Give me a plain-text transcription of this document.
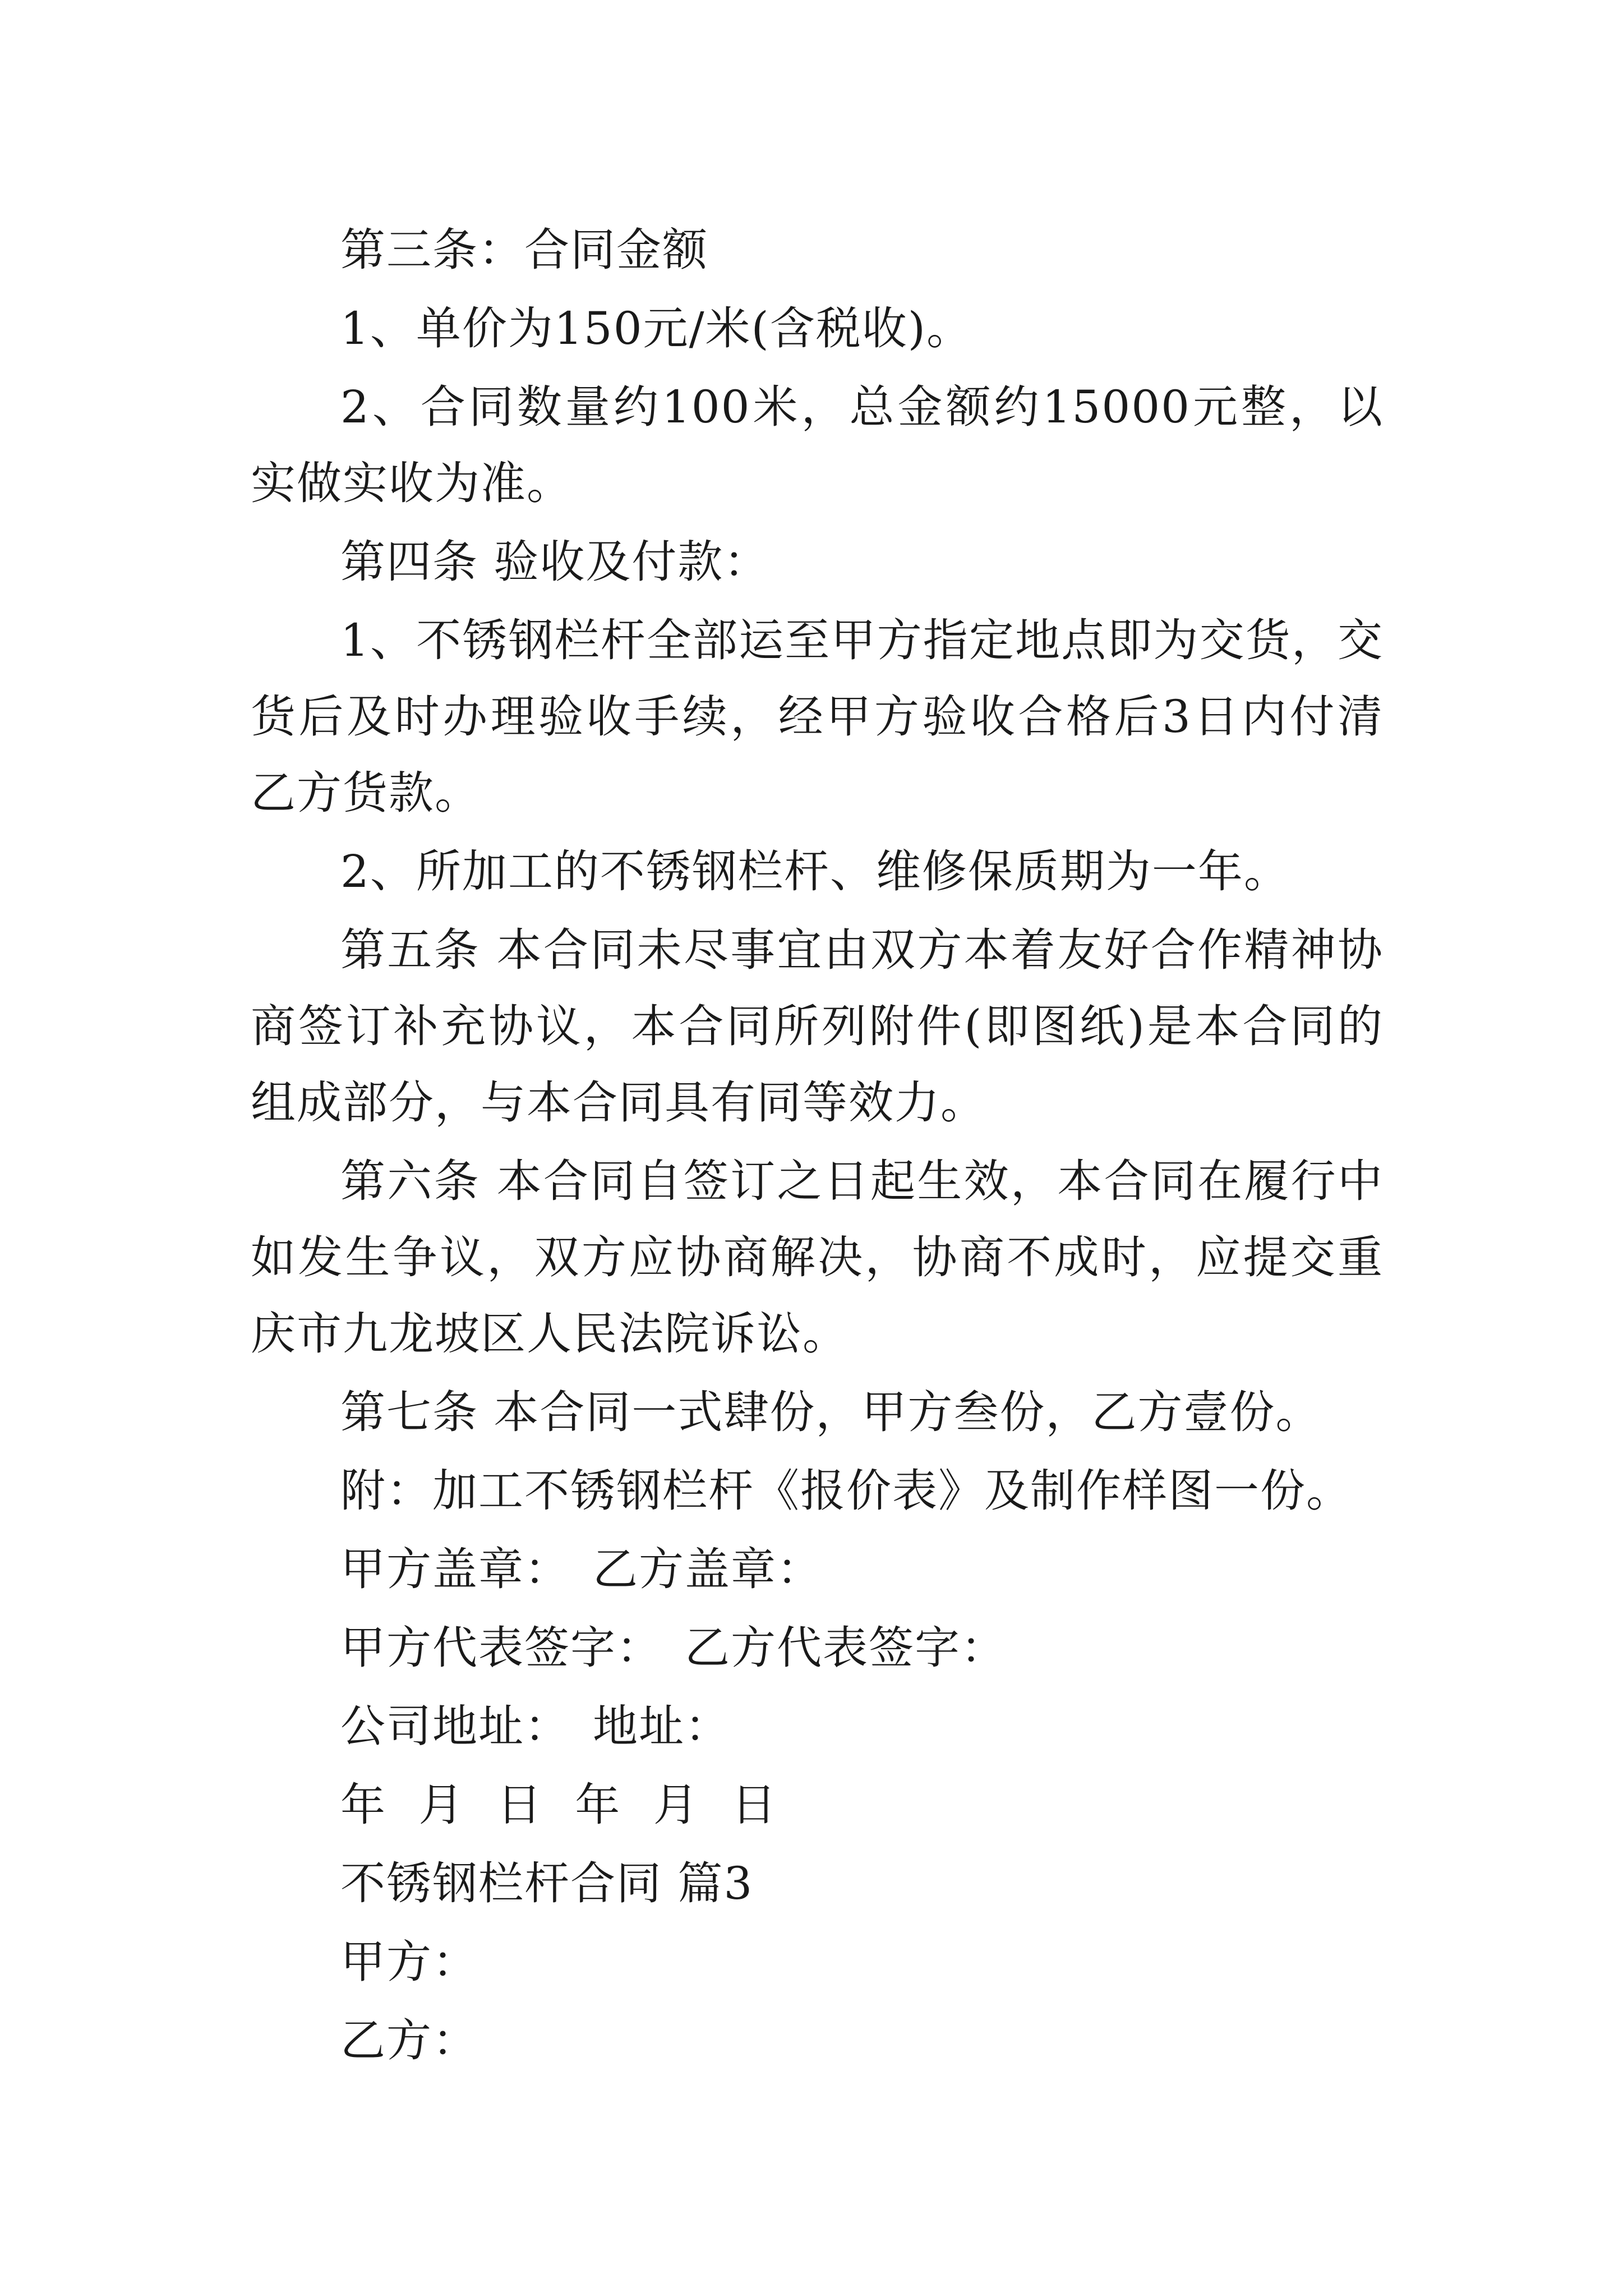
第三条：合同金额

1、单价为150元/米(含税收)。

2、合同数量约100米，总金额约15000元整，以实做实收为准。

第四条 验收及付款：

1、不锈钢栏杆全部运至甲方指定地点即为交货，交货后及时办理验收手续，经甲方验收合格后3日内付清乙方货款。

2、所加工的不锈钢栏杆、维修保质期为一年。

第五条 本合同未尽事宜由双方本着友好合作精神协商签订补充协议，本合同所列附件(即图纸)是本合同的组成部分，与本合同具有同等效力。

第六条 本合同自签订之日起生效，本合同在履行中如发生争议，双方应协商解决，协商不成时，应提交重庆市九龙坡区人民法院诉讼。

第七条 本合同一式肆份，甲方叁份，乙方壹份。

附：加工不锈钢栏杆《报价表》及制作样图一份。

甲方盖章： 乙方盖章：

甲方代表签字： 乙方代表签字：

公司地址： 地址：

年 月 日 年 月 日

不锈钢栏杆合同 篇3

甲方：

乙方：
